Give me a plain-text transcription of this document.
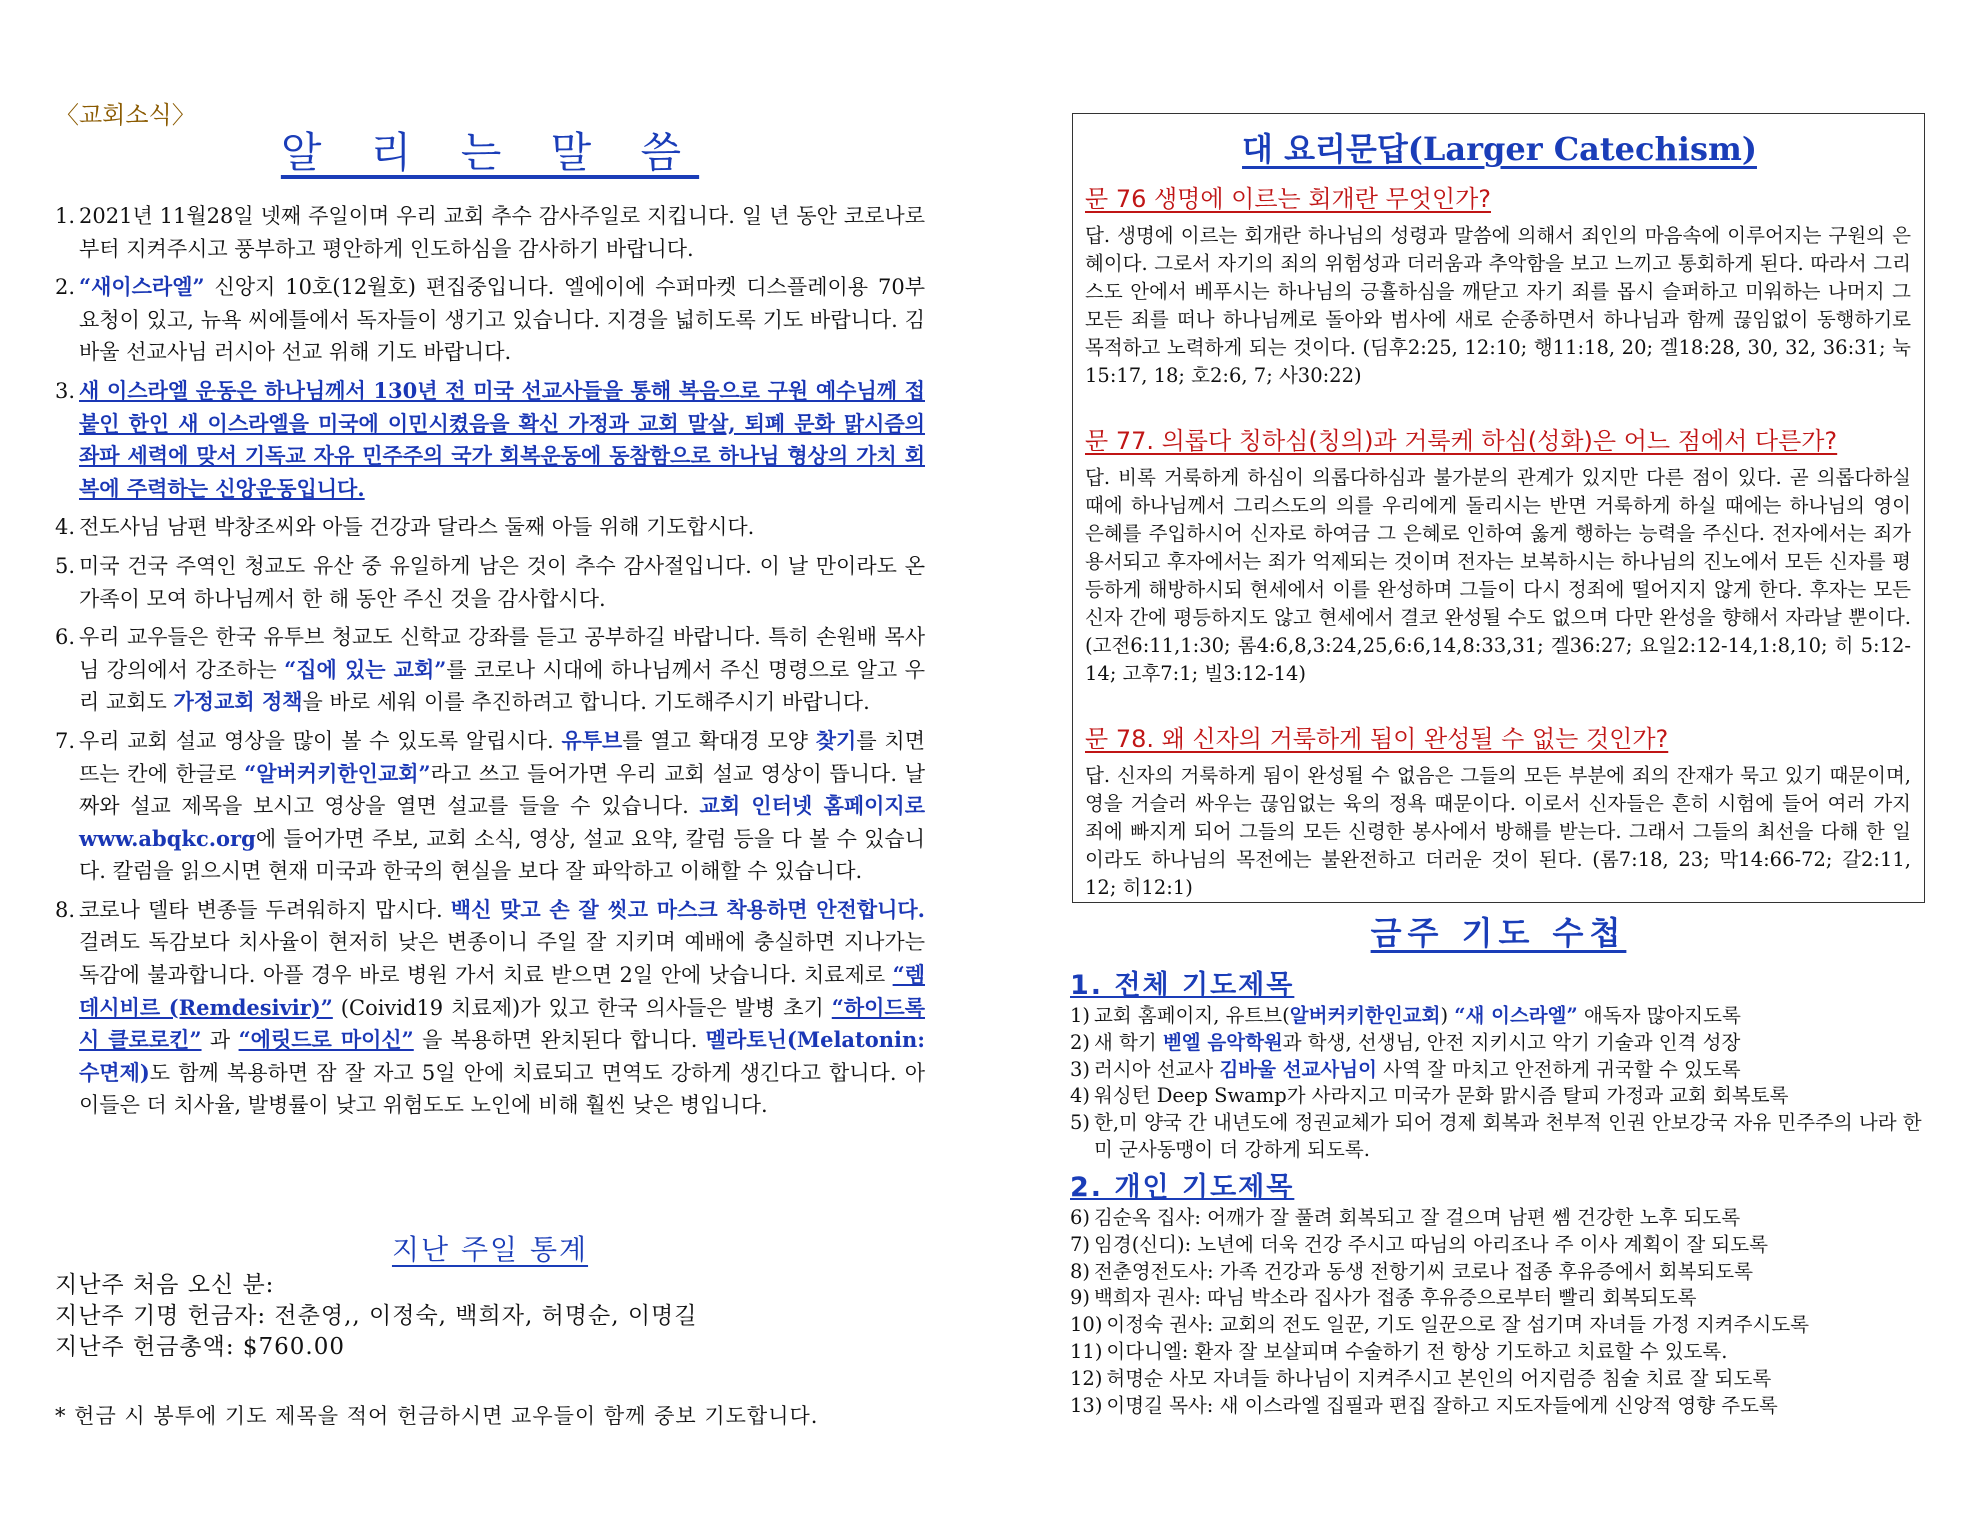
〈교회소식〉
알 리 는 말 씀
1. 2021년 11월28일 넷째 주일이며 우리 교회 추수 감사주일로 지킵니다. 일 년 동안 코로나로부터 지켜주시고 풍부하고 평안하게 인도하심을 감사하기 바랍니다.
2. “새이스라엘” 신앙지 10호(12월호) 편집중입니다. 엘에이에 수퍼마켓 디스플레이용 70부 요청이 있고, 뉴욕 씨에틀에서 독자들이 생기고 있습니다. 지경을 넓히도록 기도 바랍니다. 김바울 선교사님 러시아 선교 위해 기도 바랍니다.
3. 새 이스라엘 운동은 하나님께서 130년 전 미국 선교사들을 통해 복음으로 구원 예수님께 접붙인 한인 새 이스라엘을 미국에 이민시켰음을 확신 가정과 교회 말살, 퇴폐 문화 맑시즘의 좌파 세력에 맞서 기독교 자유 민주주의 국가 회복운동에 동참함으로 하나님 형상의 가치 회복에 주력하는 신앙운동입니다.
4. 전도사님 남편 박창조씨와 아들 건강과 달라스 둘째 아들 위해 기도합시다.
5. 미국 건국 주역인 청교도 유산 중 유일하게 남은 것이 추수 감사절입니다. 이 날 만이라도 온 가족이 모여 하나님께서 한 해 동안 주신 것을 감사합시다.
6. 우리 교우들은 한국 유투브 청교도 신학교 강좌를 듣고 공부하길 바랍니다. 특히 손원배 목사님 강의에서 강조하는 “집에 있는 교회”를 코로나 시대에 하나님께서 주신 명령으로 알고 우리 교회도 가정교회 정책을 바로 세워 이를 추진하려고 합니다. 기도해주시기 바랍니다.
7. 우리 교회 설교 영상을 많이 볼 수 있도록 알립시다. 유투브를 열고 확대경 모양 찾기를 치면 뜨는 칸에 한글로 “알버커키한인교회”라고 쓰고 들어가면 우리 교회 설교 영상이 뜹니다. 날짜와 설교 제목을 보시고 영상을 열면 설교를 들을 수 있습니다. 교회 인터넷 홈페이지로 www.abqkc.org에 들어가면 주보, 교회 소식, 영상, 설교 요약, 칼럼 등을 다 볼 수 있습니다. 칼럼을 읽으시면 현재 미국과 한국의 현실을 보다 잘 파악하고 이해할 수 있습니다.
8. 코로나 델타 변종들 두려워하지 맙시다. 백신 맞고 손 잘 씻고 마스크 착용하면 안전합니다. 걸려도 독감보다 치사율이 현저히 낮은 변종이니 주일 잘 지키며 예배에 충실하면 지나가는 독감에 불과합니다. 아플 경우 바로 병원 가서 치료 받으면 2일 안에 낫습니다. 치료제로 “렘데시비르 (Remdesivir)” (Coivid19 치료제)가 있고 한국 의사들은 발병 초기 “하이드록시 클로로킨” 과 “에릿드로 마이신” 을 복용하면 완치된다 합니다. 멜라토닌(Melatonin:수면제)도 함께 복용하면 잠 잘 자고 5일 안에 치료되고 면역도 강하게 생긴다고 합니다. 아이들은 더 치사율, 발병률이 낮고 위험도도 노인에 비해 훨씬 낮은 병입니다.
지난 주일 통계
지난주 처음 오신 분:
지난주 기명 헌금자: 전춘영,, 이정숙, 백희자, 허명순, 이명길
지난주 헌금총액: $760.00
* 헌금 시 봉투에 기도 제목을 적어 헌금하시면 교우들이 함께 중보 기도합니다.
대 요리문답(Larger Catechism)
문 76 생명에 이르는 회개란 무엇인가?
답. 생명에 이르는 회개란 하나님의 성령과 말씀에 의해서 죄인의 마음속에 이루어지는 구원의 은혜이다. 그로서 자기의 죄의 위험성과 더러움과 추악함을 보고 느끼고 통회하게 된다. 따라서 그리스도 안에서 베푸시는 하나님의 긍휼하심을 깨닫고 자기 죄를 몹시 슬퍼하고 미워하는 나머지 그 모든 죄를 떠나 하나님께로 돌아와 범사에 새로 순종하면서 하나님과 함께 끊임없이 동행하기로 목적하고 노력하게 되는 것이다. (딤후2:25, 12:10; 행11:18, 20; 겔18:28, 30, 32, 36:31; 눅15:17, 18; 호2:6, 7; 사30:22)
문 77. 의롭다 칭하심(칭의)과 거룩케 하심(성화)은 어느 점에서 다른가?
답. 비록 거룩하게 하심이 의롭다하심과 불가분의 관계가 있지만 다른 점이 있다. 곧 의롭다하실 때에 하나님께서 그리스도의 의를 우리에게 돌리시는 반면 거룩하게 하실 때에는 하나님의 영이 은혜를 주입하시어 신자로 하여금 그 은혜로 인하여 옳게 행하는 능력을 주신다. 전자에서는 죄가 용서되고 후자에서는 죄가 억제되는 것이며 전자는 보복하시는 하나님의 진노에서 모든 신자를 평등하게 해방하시되 현세에서 이를 완성하며 그들이 다시 정죄에 떨어지지 않게 한다. 후자는 모든 신자 간에 평등하지도 않고 현세에서 결코 완성될 수도 없으며 다만 완성을 향해서 자라날 뿐이다. (고전6:11,1:30; 롬4:6,8,3:24,25,6:6,14,8:33,31; 겔36:27; 요일2:12-14,1:8,10; 히 5:12-14; 고후7:1; 빌3:12-14)
문 78. 왜 신자의 거룩하게 됨이 완성될 수 없는 것인가?
답. 신자의 거룩하게 됨이 완성될 수 없음은 그들의 모든 부분에 죄의 잔재가 묵고 있기 때문이며, 영을 거슬러 싸우는 끊임없는 육의 정욕 때문이다. 이로서 신자들은 흔히 시험에 들어 여러 가지 죄에 빠지게 되어 그들의 모든 신령한 봉사에서 방해를 받는다. 그래서 그들의 최선을 다해 한 일이라도 하나님의 목전에는 불완전하고 더러운 것이 된다. (롬7:18, 23; 막14:66-72; 갈2:11, 12; 히12:1)
금주 기도 수첩
1. 전체 기도제목
1) 교회 홈페이지, 유트브(알버커키한인교회) “새 이스라엘” 애독자 많아지도록
2) 새 학기 벧엘 음악학원과 학생, 선생님, 안전 지키시고 악기 기술과 인격 성장
3) 러시아 선교사 김바울 선교사님이 사역 잘 마치고 안전하게 귀국할 수 있도록
4) 워싱턴 Deep Swamp가 사라지고 미국가 문화 맑시즘 탈피 가정과 교회 회복토록
5) 한,미 양국 간 내년도에 정권교체가 되어 경제 회복과 천부적 인권 안보강국 자유 민주주의 나라 한미 군사동맹이 더 강하게 되도록.
2. 개인 기도제목
6) 김순옥 집사: 어깨가 잘 풀려 회복되고 잘 걸으며 남편 쎔 건강한 노후 되도록
7) 임경(신디): 노년에 더욱 건강 주시고 따님의 아리조나 주 이사 계획이 잘 되도록
8) 전춘영전도사: 가족 건강과 동생 전항기씨 코로나 접종 후유증에서 회복되도록
9) 백희자 권사: 따님 박소라 집사가 접종 후유증으로부터 빨리 회복되도록
10) 이정숙 권사: 교회의 전도 일꾼, 기도 일꾼으로 잘 섬기며 자녀들 가정 지켜주시도록
11) 이다니엘: 환자 잘 보살피며 수술하기 전 항상 기도하고 치료할 수 있도록.
12) 허명순 사모 자녀들 하나님이 지켜주시고 본인의 어지럼증 침술 치료 잘 되도록
13) 이명길 목사: 새 이스라엘 집필과 편집 잘하고 지도자들에게 신앙적 영향 주도록
